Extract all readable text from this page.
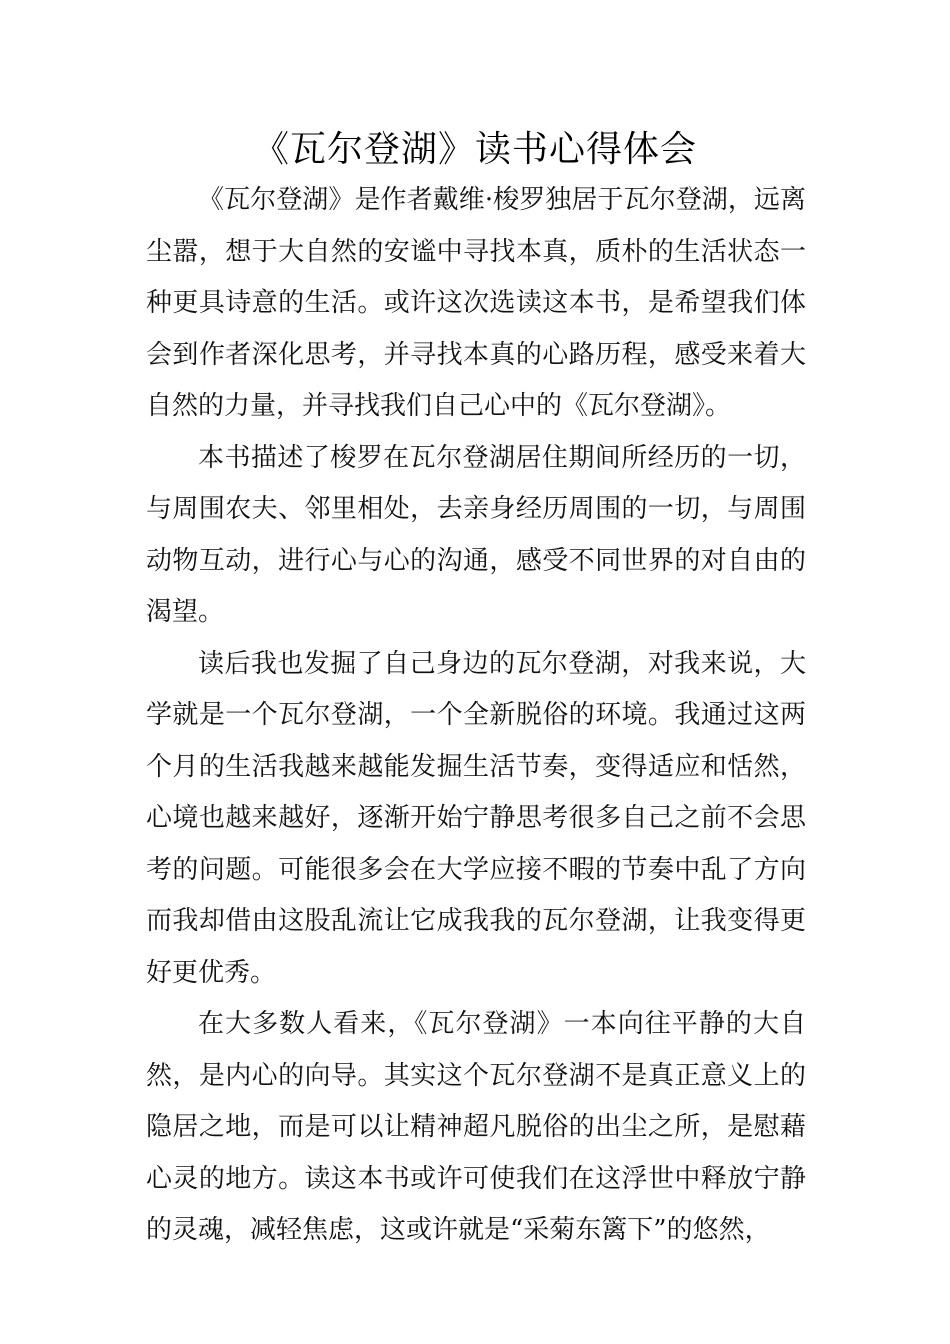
《瓦尔登湖》读书心得体会

《瓦尔登湖》是作者戴维·梭罗独居于瓦尔登湖，远离尘嚣，想于大自然的安谧中寻找本真，质朴的生活状态一种更具诗意的生活。或许这次选读这本书，是希望我们体会到作者深化思考，并寻找本真的心路历程，感受来着大自然的力量，并寻找我们自己心中的《瓦尔登湖》。

本书描述了梭罗在瓦尔登湖居住期间所经历的一切，与周围农夫、邻里相处，去亲身经历周围的一切，与周围动物互动，进行心与心的沟通，感受不同世界的对自由的渴望。

读后我也发掘了自己身边的瓦尔登湖，对我来说，大学就是一个瓦尔登湖，一个全新脱俗的环境。我通过这两个月的生活我越来越能发掘生活节奏，变得适应和恬然，心境也越来越好，逐渐开始宁静思考很多自己之前不会思考的问题。可能很多会在大学应接不暇的节奏中乱了方向而我却借由这股乱流让它成我我的瓦尔登湖，让我变得更好更优秀。

在大多数人看来，《瓦尔登湖》一本向往平静的大自然，是内心的向导。其实这个瓦尔登湖不是真正意义上的隐居之地，而是可以让精神超凡脱俗的出尘之所，是慰藉心灵的地方。读这本书或许可使我们在这浮世中释放宁静的灵魂，减轻焦虑，这或许就是“采菊东篱下”的悠然，
